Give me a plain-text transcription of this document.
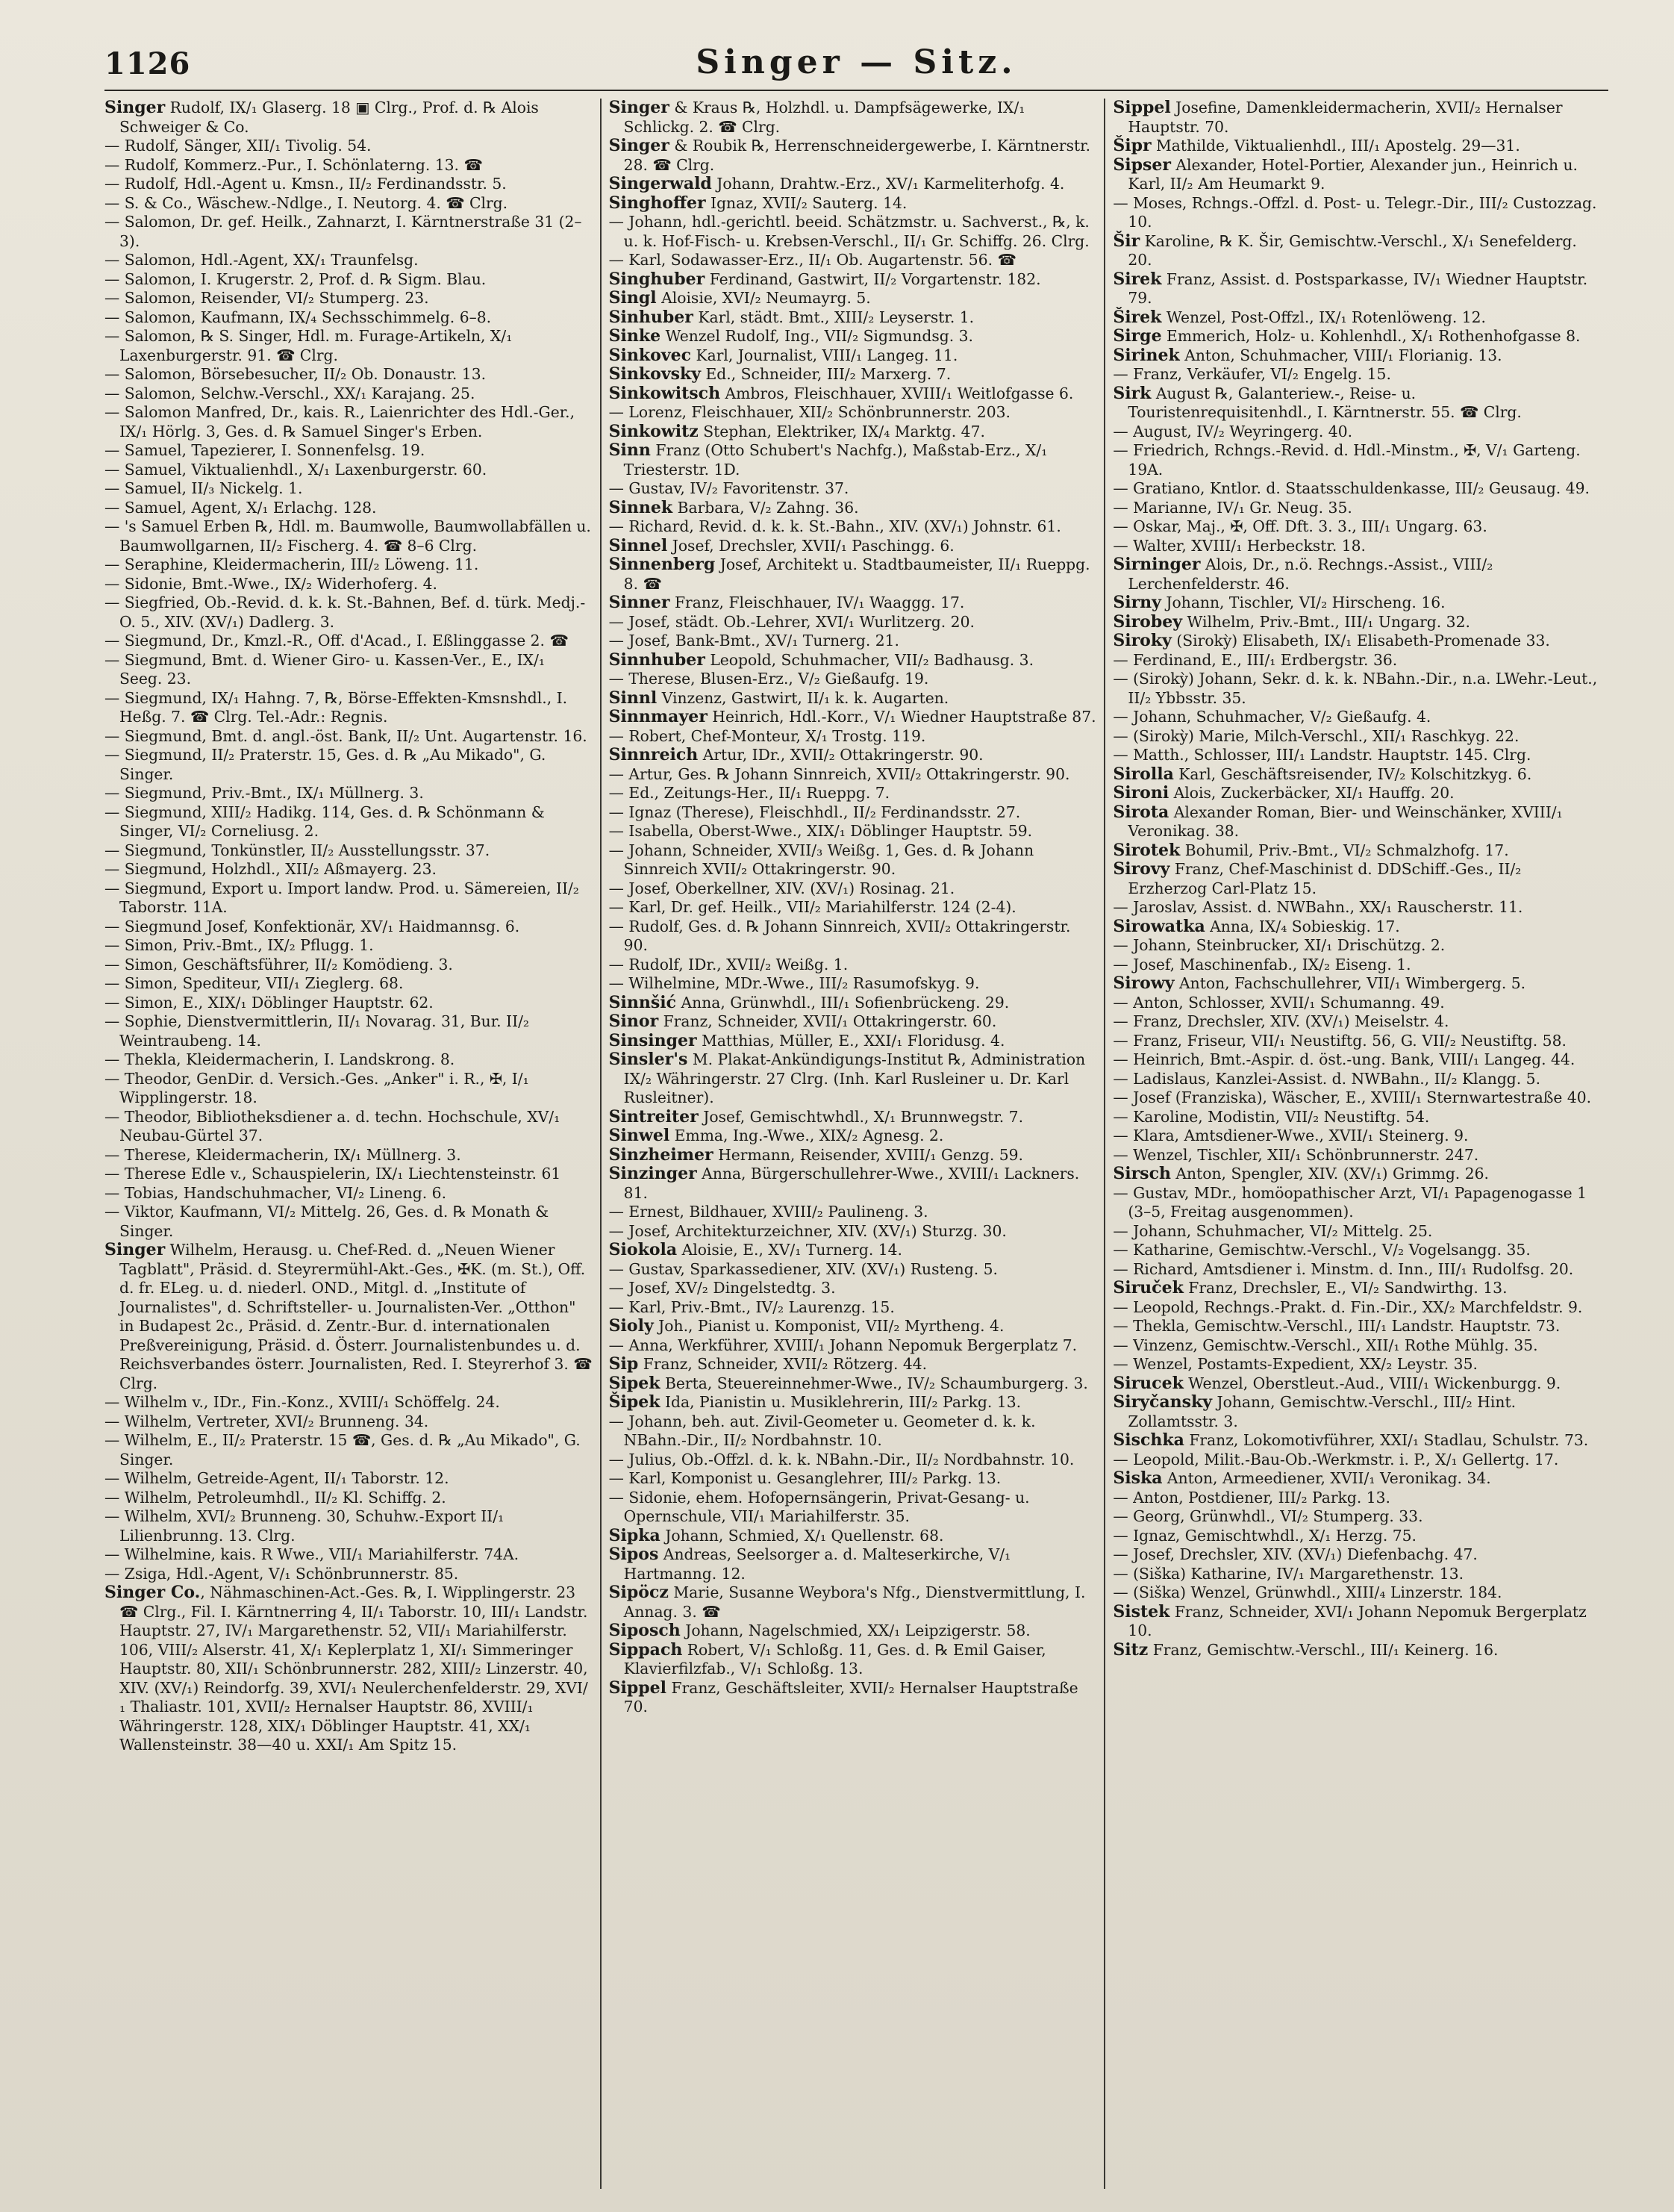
1126	Singer — Sitz.

Singer Rudolf, IX/₁ Glaserg. 18 ▣ Clrg., Prof. d. ℞ Alois Schweiger & Co.

— Rudolf, Sänger, XII/₁ Tivolig. 54.

— Rudolf, Kommerz.-Pur., I. Schönlaterng. 13. ☎

— Rudolf, Hdl.-Agent u. Kmsn., II/₂ Ferdinandsstr. 5.

— S. & Co., Wäschew.-Ndlge., I. Neutorg. 4. ☎ Clrg.

— Salomon, Dr. gef. Heilk., Zahnarzt, I. Kärntnerstraße 31 (2–3).

— Salomon, Hdl.-Agent, XX/₁ Traunfelsg.

— Salomon, I. Krugerstr. 2, Prof. d. ℞ Sigm. Blau.

— Salomon, Reisender, VI/₂ Stumperg. 23.

— Salomon, Kaufmann, IX/₄ Sechsschimmelg. 6–8.

— Salomon, ℞ S. Singer, Hdl. m. Furage-Artikeln, X/₁ Laxenburgerstr. 91. ☎ Clrg.

— Salomon, Börsebesucher, II/₂ Ob. Donaustr. 13.

— Salomon, Selchw.-Verschl., XX/₁ Karajang. 25.

— Salomon Manfred, Dr., kais. R., Laienrichter des Hdl.-Ger., IX/₁ Hörlg. 3, Ges. d. ℞ Samuel Singer's Erben.

— Samuel, Tapezierer, I. Sonnenfelsg. 19.

— Samuel, Viktualienhdl., X/₁ Laxenburgerstr. 60.

— Samuel, II/₃ Nickelg. 1.

— Samuel, Agent, X/₁ Erlachg. 128.

— 's Samuel Erben ℞, Hdl. m. Baumwolle, Baumwollabfällen u. Baumwollgarnen, II/₂ Fischerg. 4. ☎ 8–6 Clrg.

— Seraphine, Kleidermacherin, III/₂ Löweng. 11.

— Sidonie, Bmt.-Wwe., IX/₂ Widerhoferg. 4.

— Siegfried, Ob.-Revid. d. k. k. St.-Bahnen, Bef. d. türk. Medj.-O. 5., XIV. (XV/₁) Dadlerg. 3.

— Siegmund, Dr., Kmzl.-R., Off. d'Acad., I. Eßlinggasse 2. ☎

— Siegmund, Bmt. d. Wiener Giro- u. Kassen-Ver., E., IX/₁ Seeg. 23.

— Siegmund, IX/₁ Hahng. 7, ℞, Börse-Effekten-Kmsnshdl., I. Heßg. 7. ☎ Clrg. Tel.-Adr.: Regnis.

— Siegmund, Bmt. d. angl.-öst. Bank, II/₂ Unt. Augartenstr. 16.

— Siegmund, II/₂ Praterstr. 15, Ges. d. ℞ „Au Mikado", G. Singer.

— Siegmund, Priv.-Bmt., IX/₁ Müllnerg. 3.

— Siegmund, XIII/₂ Hadikg. 114, Ges. d. ℞ Schönmann & Singer, VI/₂ Corneliusg. 2.

— Siegmund, Tonkünstler, II/₂ Ausstellungsstr. 37.

— Siegmund, Holzhdl., XII/₂ Aßmayerg. 23.

— Siegmund, Export u. Import landw. Prod. u. Sämereien, II/₂ Taborstr. 11A.

— Siegmund Josef, Konfektionär, XV/₁ Haidmannsg. 6.

— Simon, Priv.-Bmt., IX/₂ Pflugg. 1.

— Simon, Geschäftsführer, II/₂ Komödieng. 3.

— Simon, Spediteur, VII/₁ Zieglerg. 68.

— Simon, E., XIX/₁ Döblinger Hauptstr. 62.

— Sophie, Dienstvermittlerin, II/₁ Novarag. 31, Bur. II/₂ Weintraubeng. 14.

— Thekla, Kleidermacherin, I. Landskrong. 8.

— Theodor, GenDir. d. Versich.-Ges. „Anker" i. R., ✠, I/₁ Wipplingerstr. 18.

— Theodor, Bibliotheksdiener a. d. techn. Hochschule, XV/₁ Neubau-Gürtel 37.

— Therese, Kleidermacherin, IX/₁ Müllnerg. 3.

— Therese Edle v., Schauspielerin, IX/₁ Liechtensteinstr. 61

— Tobias, Handschuhmacher, VI/₂ Lineng. 6.

— Viktor, Kaufmann, VI/₂ Mittelg. 26, Ges. d. ℞ Monath & Singer.

Singer Wilhelm, Herausg. u. Chef-Red. d. „Neuen Wiener Tagblatt", Präsid. d. Steyrermühl-Akt.-Ges., ✠K. (m. St.), Off. d. fr. ELeg. u. d. niederl. OND., Mitgl. d. „Institute of Journalistes", d. Schriftsteller- u. Journalisten-Ver. „Otthon" in Budapest 2c., Präsid. d. Zentr.-Bur. d. internationalen Preßvereinigung, Präsid. d. Österr. Journalistenbundes u. d. Reichsverbandes österr. Journalisten, Red. I. Steyrerhof 3. ☎ Clrg.

— Wilhelm v., IDr., Fin.-Konz., XVIII/₁ Schöffelg. 24.

— Wilhelm, Vertreter, XVI/₂ Brunneng. 34.

— Wilhelm, E., II/₂ Praterstr. 15 ☎, Ges. d. ℞ „Au Mikado", G. Singer.

— Wilhelm, Getreide-Agent, II/₁ Taborstr. 12.

— Wilhelm, Petroleumhdl., II/₂ Kl. Schiffg. 2.

— Wilhelm, XVI/₂ Brunneng. 30, Schuhw.-Export II/₁ Lilienbrunng. 13. Clrg.

— Wilhelmine, kais. R Wwe., VII/₁ Mariahilferstr. 74A.

— Zsiga, Hdl.-Agent, V/₁ Schönbrunnerstr. 85.

Singer Co., Nähmaschinen-Act.-Ges. ℞, I. Wipplingerstr. 23 ☎ Clrg., Fil. I. Kärntnerring 4, II/₁ Taborstr. 10, III/₁ Landstr. Hauptstr. 27, IV/₁ Margarethenstr. 52, VII/₁ Mariahilferstr. 106, VIII/₂ Alserstr. 41, X/₁ Keplerplatz 1, XI/₁ Simmeringer Hauptstr. 80, XII/₁ Schönbrunnerstr. 282, XIII/₂ Linzerstr. 40, XIV. (XV/₁) Reindorfg. 39, XVI/₁ Neulerchenfelderstr. 29, XVI/₁ Thaliastr. 101, XVII/₂ Hernalser Hauptstr. 86, XVIII/₁ Währingerstr. 128, XIX/₁ Döblinger Hauptstr. 41, XX/₁ Wallensteinstr. 38—40 u. XXI/₁ Am Spitz 15.

Singer & Kraus ℞, Holzhdl. u. Dampfsägewerke, IX/₁ Schlickg. 2. ☎ Clrg.

Singer & Roubik ℞, Herrenschneidergewerbe, I. Kärntnerstr. 28. ☎ Clrg.

Singerwald Johann, Drahtw.-Erz., XV/₁ Karmeliterhofg. 4.

Singhoffer Ignaz, XVII/₂ Sauterg. 14.

— Johann, hdl.-gerichtl. beeid. Schätzmstr. u. Sachverst., ℞, k. u. k. Hof-Fisch- u. Krebsen-Verschl., II/₁ Gr. Schiffg. 26. Clrg.

— Karl, Sodawasser-Erz., II/₁ Ob. Augartenstr. 56. ☎

Singhuber Ferdinand, Gastwirt, II/₂ Vorgartenstr. 182.

Singl Aloisie, XVI/₂ Neumayrg. 5.

Sinhuber Karl, städt. Bmt., XIII/₂ Leyserstr. 1.

Sinke Wenzel Rudolf, Ing., VII/₂ Sigmundsg. 3.

Sinkovec Karl, Journalist, VIII/₁ Langeg. 11.

Sinkovsky Ed., Schneider, III/₂ Marxerg. 7.

Sinkowitsch Ambros, Fleischhauer, XVIII/₁ Weitlofgasse 6.

— Lorenz, Fleischhauer, XII/₂ Schönbrunnerstr. 203.

Sinkowitz Stephan, Elektriker, IX/₄ Marktg. 47.

Sinn Franz (Otto Schubert's Nachfg.), Maßstab-Erz., X/₁ Triesterstr. 1D.

— Gustav, IV/₂ Favoritenstr. 37.

Sinnek Barbara, V/₂ Zahng. 36.

— Richard, Revid. d. k. k. St.-Bahn., XIV. (XV/₁) Johnstr. 61.

Sinnel Josef, Drechsler, XVII/₁ Paschingg. 6.

Sinnenberg Josef, Architekt u. Stadtbaumeister, II/₁ Rueppg. 8. ☎

Sinner Franz, Fleischhauer, IV/₁ Waaggg. 17.

— Josef, städt. Ob.-Lehrer, XVI/₁ Wurlitzerg. 20.

— Josef, Bank-Bmt., XV/₁ Turnerg. 21.

Sinnhuber Leopold, Schuhmacher, VII/₂ Badhausg. 3.

— Therese, Blusen-Erz., V/₂ Gießaufg. 19.

Sinnl Vinzenz, Gastwirt, II/₁ k. k. Augarten.

Sinnmayer Heinrich, Hdl.-Korr., V/₁ Wiedner Hauptstraße 87.

— Robert, Chef-Monteur, X/₁ Trostg. 119.

Sinnreich Artur, IDr., XVII/₂ Ottakringerstr. 90.

— Artur, Ges. ℞ Johann Sinnreich, XVII/₂ Ottakringerstr. 90.

— Ed., Zeitungs-Her., II/₁ Rueppg. 7.

— Ignaz (Therese), Fleischhdl., II/₂ Ferdinandsstr. 27.

— Isabella, Oberst-Wwe., XIX/₁ Döblinger Hauptstr. 59.

— Johann, Schneider, XVII/₃ Weißg. 1, Ges. d. ℞ Johann Sinnreich XVII/₂ Ottakringerstr. 90.

— Josef, Oberkellner, XIV. (XV/₁) Rosinag. 21.

— Karl, Dr. gef. Heilk., VII/₂ Mariahilferstr. 124 (2-4).

— Rudolf, Ges. d. ℞ Johann Sinnreich, XVII/₂ Ottakringerstr. 90.

— Rudolf, IDr., XVII/₂ Weißg. 1.

— Wilhelmine, MDr.-Wwe., III/₂ Rasumofskyg. 9.

Sinnšić Anna, Grünwhdl., III/₁ Sofienbrückeng. 29.

Sinor Franz, Schneider, XVII/₁ Ottakringerstr. 60.

Sinsinger Matthias, Müller, E., XXI/₁ Floridusg. 4.

Sinsler's M. Plakat-Ankündigungs-Institut ℞, Administration IX/₂ Währingerstr. 27 Clrg. (Inh. Karl Rusleiner u. Dr. Karl Rusleitner).

Sintreiter Josef, Gemischtwhdl., X/₁ Brunnwegstr. 7.

Sinwel Emma, Ing.-Wwe., XIX/₂ Agnesg. 2.

Sinzheimer Hermann, Reisender, XVIII/₁ Genzg. 59.

Sinzinger Anna, Bürgerschullehrer-Wwe., XVIII/₁ Lackners. 81.

— Ernest, Bildhauer, XVIII/₂ Paulineng. 3.

— Josef, Architekturzeichner, XIV. (XV/₁) Sturzg. 30.

Siokola Aloisie, E., XV/₁ Turnerg. 14.

— Gustav, Sparkassediener, XIV. (XV/₁) Rusteng. 5.

— Josef, XV/₂ Dingelstedtg. 3.

— Karl, Priv.-Bmt., IV/₂ Laurenzg. 15.

Sioly Joh., Pianist u. Komponist, VII/₂ Myrtheng. 4.

— Anna, Werkführer, XVIII/₁ Johann Nepomuk Bergerplatz 7.

Sip Franz, Schneider, XVII/₂ Rötzerg. 44.

Sipek Berta, Steuereinnehmer-Wwe., IV/₂ Schaumburgerg. 3.

Šipek Ida, Pianistin u. Musiklehrerin, III/₂ Parkg. 13.

— Johann, beh. aut. Zivil-Geometer u. Geometer d. k. k. NBahn.-Dir., II/₂ Nordbahnstr. 10.

— Julius, Ob.-Offzl. d. k. k. NBahn.-Dir., II/₂ Nordbahnstr. 10.

— Karl, Komponist u. Gesanglehrer, III/₂ Parkg. 13.

— Sidonie, ehem. Hofopernsängerin, Privat-Gesang- u. Opernschule, VII/₁ Mariahilferstr. 35.

Sipka Johann, Schmied, X/₁ Quellenstr. 68.

Sipos Andreas, Seelsorger a. d. Malteserkirche, V/₁ Hartmanng. 12.

Sipöcz Marie, Susanne Weybora's Nfg., Dienstvermittlung, I. Annag. 3. ☎

Siposch Johann, Nagelschmied, XX/₁ Leipzigerstr. 58.

Sippach Robert, V/₁ Schloßg. 11, Ges. d. ℞ Emil Gaiser, Klavierfilzfab., V/₁ Schloßg. 13.

Sippel Franz, Geschäftsleiter, XVII/₂ Hernalser Hauptstraße 70.

Sippel Josefine, Damenkleidermacherin, XVII/₂ Hernalser Hauptstr. 70.

Šipr Mathilde, Viktualienhdl., III/₁ Apostelg. 29—31.

Sipser Alexander, Hotel-Portier, Alexander jun., Heinrich u. Karl, II/₂ Am Heumarkt 9.

— Moses, Rchngs.-Offzl. d. Post- u. Telegr.-Dir., III/₂ Custozzag. 10.

Šir Karoline, ℞ K. Šir, Gemischtw.-Verschl., X/₁ Senefelderg. 20.

Sirek Franz, Assist. d. Postsparkasse, IV/₁ Wiedner Hauptstr. 79.

Širek Wenzel, Post-Offzl., IX/₁ Rotenlöweng. 12.

Sirge Emmerich, Holz- u. Kohlenhdl., X/₁ Rothenhofgasse 8.

Sirinek Anton, Schuhmacher, VIII/₁ Florianig. 13.

— Franz, Verkäufer, VI/₂ Engelg. 15.

Sirk August ℞, Galanteriew.-, Reise- u. Touristenrequisitenhdl., I. Kärntnerstr. 55. ☎ Clrg.

— August, IV/₂ Weyringerg. 40.

— Friedrich, Rchngs.-Revid. d. Hdl.-Minstm., ✠, V/₁ Garteng. 19A.

— Gratiano, Kntlor. d. Staatsschuldenkasse, III/₂ Geusaug. 49.

— Marianne, IV/₁ Gr. Neug. 35.

— Oskar, Maj., ✠, Off. Dft. 3. 3., III/₁ Ungarg. 63.

— Walter, XVIII/₁ Herbeckstr. 18.

Sirninger Alois, Dr., n.ö. Rechngs.-Assist., VIII/₂ Lerchenfelderstr. 46.

Sirny Johann, Tischler, VI/₂ Hirscheng. 16.

Sirobey Wilhelm, Priv.-Bmt., III/₁ Ungarg. 32.

Siroky (Sirokỳ) Elisabeth, IX/₁ Elisabeth-Promenade 33.

— Ferdinand, E., III/₁ Erdbergstr. 36.

— (Sirokỳ) Johann, Sekr. d. k. k. NBahn.-Dir., n.a. LWehr.-Leut., II/₂ Ybbsstr. 35.

— Johann, Schuhmacher, V/₂ Gießaufg. 4.

— (Sirokỳ) Marie, Milch-Verschl., XII/₁ Raschkyg. 22.

— Matth., Schlosser, III/₁ Landstr. Hauptstr. 145. Clrg.

Sirolla Karl, Geschäftsreisender, IV/₂ Kolschitzkyg. 6.

Sironi Alois, Zuckerbäcker, XI/₁ Hauffg. 20.

Sirota Alexander Roman, Bier- und Weinschänker, XVIII/₁ Veronikag. 38.

Sirotek Bohumil, Priv.-Bmt., VI/₂ Schmalzhofg. 17.

Sirovy Franz, Chef-Maschinist d. DDSchiff.-Ges., II/₂ Erzherzog Carl-Platz 15.

— Jaroslav, Assist. d. NWBahn., XX/₁ Rauscherstr. 11.

Sirowatka Anna, IX/₄ Sobieskig. 17.

— Johann, Steinbrucker, XI/₁ Drischützg. 2.

— Josef, Maschinenfab., IX/₂ Eiseng. 1.

Sirowy Anton, Fachschullehrer, VII/₁ Wimbergerg. 5.

— Anton, Schlosser, XVII/₁ Schumanng. 49.

— Franz, Drechsler, XIV. (XV/₁) Meiselstr. 4.

— Franz, Friseur, VII/₁ Neustiftg. 56, G. VII/₂ Neustiftg. 58.

— Heinrich, Bmt.-Aspir. d. öst.-ung. Bank, VIII/₁ Langeg. 44.

— Ladislaus, Kanzlei-Assist. d. NWBahn., II/₂ Klangg. 5.

— Josef (Franziska), Wäscher, E., XVIII/₁ Sternwartestraße 40.

— Karoline, Modistin, VII/₂ Neustiftg. 54.

— Klara, Amtsdiener-Wwe., XVII/₁ Steinerg. 9.

— Wenzel, Tischler, XII/₁ Schönbrunnerstr. 247.

Sirsch Anton, Spengler, XIV. (XV/₁) Grimmg. 26.

— Gustav, MDr., homöopathischer Arzt, VI/₁ Papagenogasse 1 (3–5, Freitag ausgenommen).

— Johann, Schuhmacher, VI/₂ Mittelg. 25.

— Katharine, Gemischtw.-Verschl., V/₂ Vogelsangg. 35.

— Richard, Amtsdiener i. Minstm. d. Inn., III/₁ Rudolfsg. 20.

Siruček Franz, Drechsler, E., VI/₂ Sandwirthg. 13.

— Leopold, Rechngs.-Prakt. d. Fin.-Dir., XX/₂ Marchfeldstr. 9.

— Thekla, Gemischtw.-Verschl., III/₁ Landstr. Hauptstr. 73.

— Vinzenz, Gemischtw.-Verschl., XII/₁ Rothe Mühlg. 35.

— Wenzel, Postamts-Expedient, XX/₂ Leystr. 35.

Sirucek Wenzel, Oberstleut.-Aud., VIII/₁ Wickenburgg. 9.

Siryčansky Johann, Gemischtw.-Verschl., III/₂ Hint. Zollamtsstr. 3.

Sischka Franz, Lokomotivführer, XXI/₁ Stadlau, Schulstr. 73.

— Leopold, Milit.-Bau-Ob.-Werkmstr. i. P., X/₁ Gellertg. 17.

Siska Anton, Armeediener, XVII/₁ Veronikag. 34.

— Anton, Postdiener, III/₂ Parkg. 13.

— Georg, Grünwhdl., VI/₂ Stumperg. 33.

— Ignaz, Gemischtwhdl., X/₁ Herzg. 75.

— Josef, Drechsler, XIV. (XV/₁) Diefenbachg. 47.

— (Siška) Katharine, IV/₁ Margarethenstr. 13.

— (Siška) Wenzel, Grünwhdl., XIII/₄ Linzerstr. 184.

Sistek Franz, Schneider, XVI/₁ Johann Nepomuk Bergerplatz 10.

Sitz Franz, Gemischtw.-Verschl., III/₁ Keinerg. 16.
